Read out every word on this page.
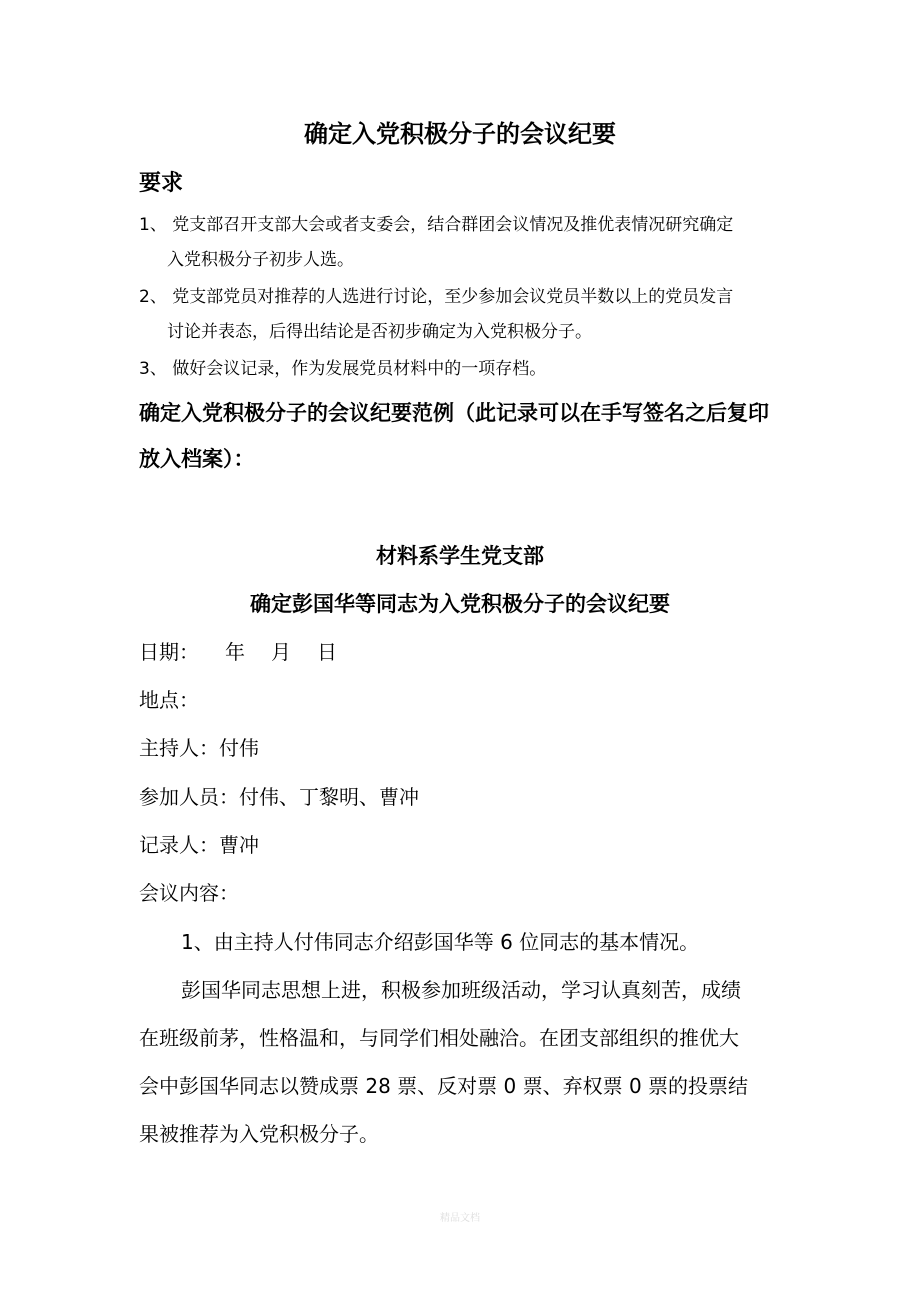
确定入党积极分子的会议纪要
要求
1、 党支部召开支部大会或者支委会，结合群团会议情况及推优表情况研究确定
入党积极分子初步人选。
2、 党支部党员对推荐的人选进行讨论，至少参加会议党员半数以上的党员发言
讨论并表态，后得出结论是否初步确定为入党积极分子。
3、 做好会议记录，作为发展党员材料中的一项存档。
确定入党积极分子的会议纪要范例（此记录可以在手写签名之后复印
放入档案）：
材料系学生党支部
确定彭国华等同志为入党积极分子的会议纪要
日期： 年 月 日
地点：
主持人：付伟
参加人员：付伟、丁黎明、曹冲
记录人：曹冲
会议内容：
1、由主持人付伟同志介绍彭国华等 6 位同志的基本情况。
彭国华同志思想上进，积极参加班级活动，学习认真刻苦，成绩
在班级前茅，性格温和，与同学们相处融洽。在团支部组织的推优大
会中彭国华同志以赞成票 28 票、反对票 0 票、弃权票 0 票的投票结
果被推荐为入党积极分子。
精品文档
